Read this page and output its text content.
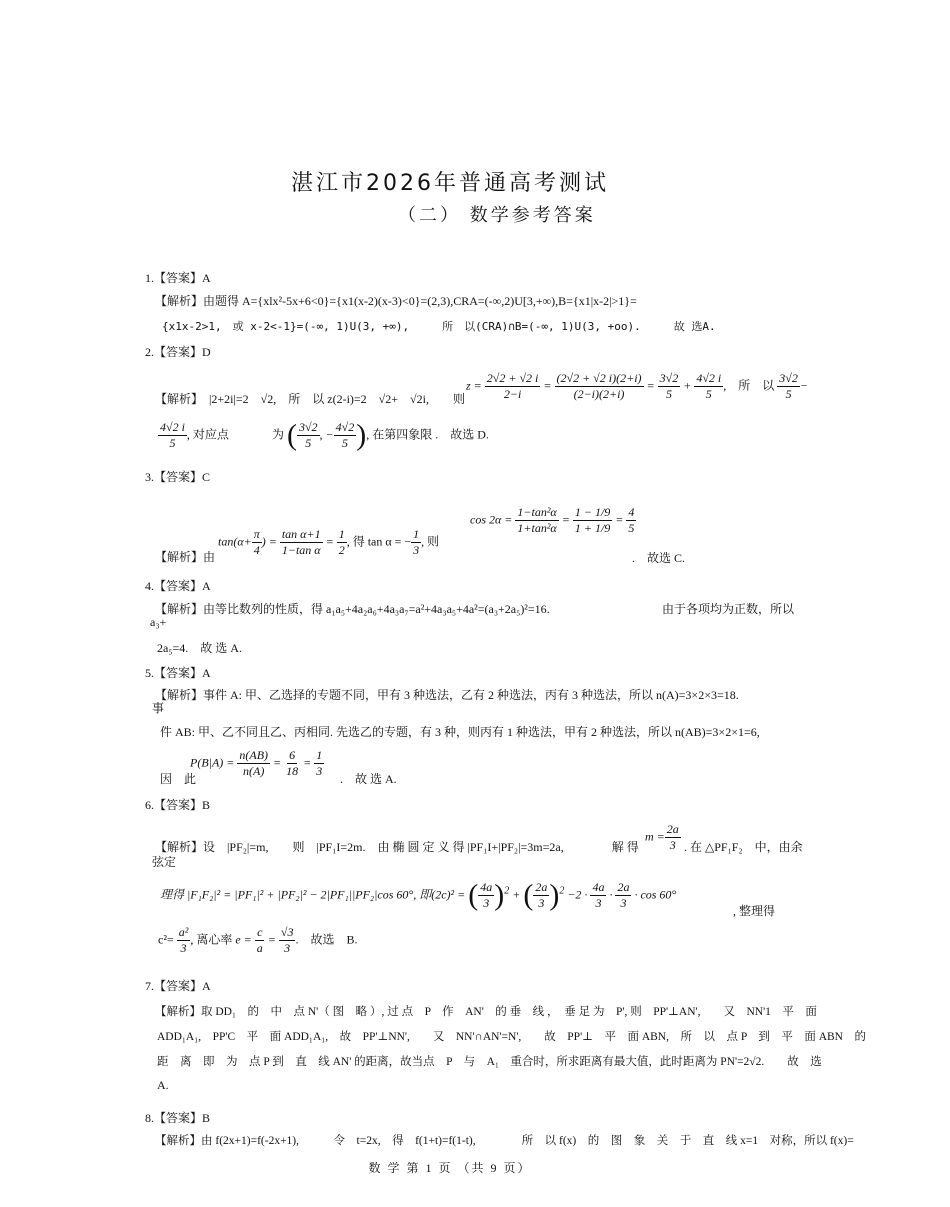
湛江市2026年普通高考测试
（二） 数学参考答案
1.【答案】A
【解析】由题得 A={xlx²-5x+6<0}={x1(x-2)(x-3)<0}=(2,3),CRA=(-∞,2)U[3,+∞),B={x1|x-2|>1}=
{x1x-2>1,　或 x-2<-1}=(-∞, 1)U(3, +∞),　　　所　以(CRA)∩B=(-∞, 1)U(3, +oo).　　　故 选A.
2.【答案】D
【解析】　|2+2i|=2　√2,　所　以 z(2-i)=2　√2+　√2i,　　则
$z = \frac{2√2 + √2 i}{2-i} = \frac{(2√2 + √2 i)(2+i)}{(2-i)(2+i)} = \frac{3√2}{5} + \frac{4√2 i}{5}$ ,　所　以 $\frac{3√2}{5}$ −
$\frac{4√2 i}{5}$ , 对应点	为 ( $\frac{3√2}{5}$ , − $\frac{4√2}{5}$ ), 在第四象限 .　故选 D.
3.【答案】C
【解析】由
$\tan(\alpha+ \frac{\pi}{4}$ ) = $\frac{\text{tan α+1}}{\text{1−tan α}} = \frac{1}{2}$ , 得 tan α = − $\frac{1}{3}$ , 则
$\cos 2\alpha = \frac{\text{1−tan²α}}{\text{1+tan²α}} = \frac{1 - 1/9}{1 + 1/9} = \frac{4}{5}$
.　故选 C.
4.【答案】A
【解析】由等比数列的性质，得 a₁a₅+4a₂a₆+4a₃a₇=a²+4a₃a₅+4a²=(a₃+2a₅)²=16.	由于各项均为正数，所以
a₃+
2a₅=4.　故 选 A.
5.【答案】A
【解析】事件 A: 甲、乙选择的专题不同，甲有 3 种选法，乙有 2 种选法，丙有 3 种选法，所以 n(A)=3×2×3=18.
事
件 AB: 甲、乙不同且乙、丙相同. 先选乙的专题，有 3 种，则丙有 1 种选法，甲有 2 种选法，所以 n(AB)=3×2×1=6,
$P(B|A) = \frac{n(AB)}{n(A)} = \frac{6}{18} = \frac{1}{3}$
因　此	.　故 选 A.
6.【答案】B
【解析】设　|PF₂|=m,　　则　|PF₁I=2m.　由 椭 圆 定 义 得 |PF₁I+|PF₂|=3m=2a,　　　　解 得
$m = \frac{2a}{3}$ . 在 △PF₁F₂　中，由余
弦定
理得 |F₁F₂|² = |PF₁|² + |PF₂|² − 2|PF₁||PF₂|cos 60°, 即(2c)² = ( $\frac{4a}{3} )^2$ + ( $\frac{2a}{3} )^2 -2 \cdot \frac{4a}{3} \cdot \frac{2a}{3} \cdot \cos 60^\circ$
, 整理得
$c^2= \frac{\text{a²}}{3}$ , 离心率 $e = \frac{c}{a} = \frac{√3}{3}$ .　故选　B.
7.【答案】A
【解析】取 DD₁　的　中　点 N'（ 图　略 ）, 过 点　P　作　AN'　的 垂　线 ，　垂 足 为　P', 则　PP'⊥AN',　　又　NN'1　平　面
ADD₁A₁,　PP'C　平　面 ADD₁A₁,　故　PP'⊥NN',　　又　NN'∩AN'=N',　　故　PP'⊥　平　面 ABN,　所　以　点 P　到　平　面 ABN　的
距　离　即　为　点 P 到　直　线 AN' 的距离，故当点　P　与　A₁　重合时，所求距离有最大值，此时距离为 PN'=2√2.　　故　选
A.
8.【答案】B
【解析】由 f(2x+1)=f(-2x+1),　　　令　t=2x,　得　f(1+t)=f(1-t),　　　　所　以 f(x)　的　图　象　关　于　直　线 x=1　对称，所以 f(x)=
数 学 第 1 页 （共 9 页）
